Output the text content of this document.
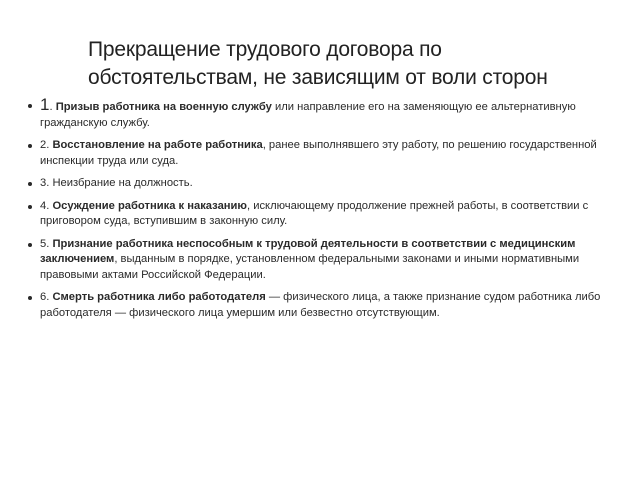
Прекращение трудового договора по обстоятельствам, не зависящим от воли сторон
1. Призыв работника на военную службу или направление его на заменяющую ее альтернативную гражданскую службу.
2. Восстановление на работе работника, ранее выполнявшего эту работу, по решению государственной инспекции труда или суда.
3. Неизбрание на должность.
4. Осуждение работника к наказанию, исключающему продолжение прежней работы, в соответствии с приговором суда, вступившим в законную силу.
5. Признание работника неспособным к трудовой деятельности в соответствии с медицинским заключением, выданным в порядке, установленном федеральными законами и иными нормативными правовыми актами Российской Федерации.
6. Смерть работника либо работодателя — физического лица, а также признание судом работника либо работодателя — физического лица умершим или безвестно отсутствующим.
